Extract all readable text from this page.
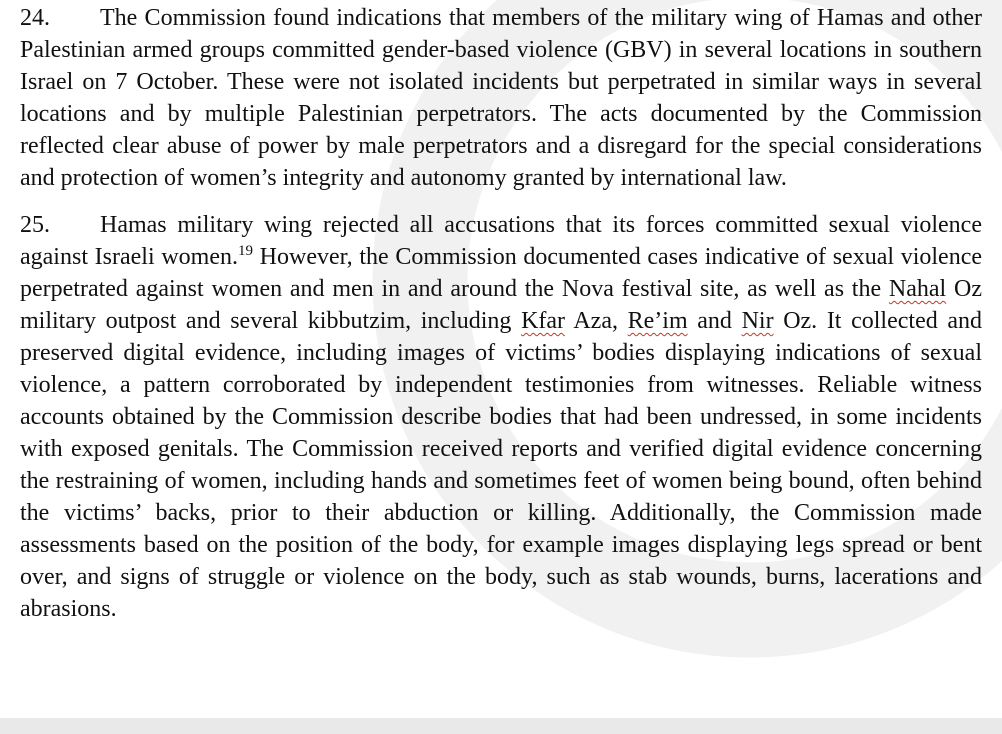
24. The Commission found indications that members of the military wing of Hamas and other Palestinian armed groups committed gender-based violence (GBV) in several locations in southern Israel on 7 October. These were not isolated incidents but perpetrated in similar ways in several locations and by multiple Palestinian perpetrators. The acts documented by the Commission reflected clear abuse of power by male perpetrators and a disregard for the special considerations and protection of women’s integrity and autonomy granted by international law.

25. Hamas military wing rejected all accusations that its forces committed sexual violence against Israeli women.$^{19}$ However, the Commission documented cases indicative of sexual violence perpetrated against women and men in and around the Nova festival site, as well as the Nahal Oz military outpost and several kibbutzim, including Kfar Aza, Re’im and Nir Oz. It collected and preserved digital evidence, including images of victims’ bodies displaying indications of sexual violence, a pattern corroborated by independent testimonies from witnesses. Reliable witness accounts obtained by the Commission describe bodies that had been undressed, in some incidents with exposed genitals. The Commission received reports and verified digital evidence concerning the restraining of women, including hands and sometimes feet of women being bound, often behind the victims’ backs, prior to their abduction or killing. Additionally, the Commission made assessments based on the position of the body, for example images displaying legs spread or bent over, and signs of struggle or violence on the body, such as stab wounds, burns, lacerations and abrasions.
